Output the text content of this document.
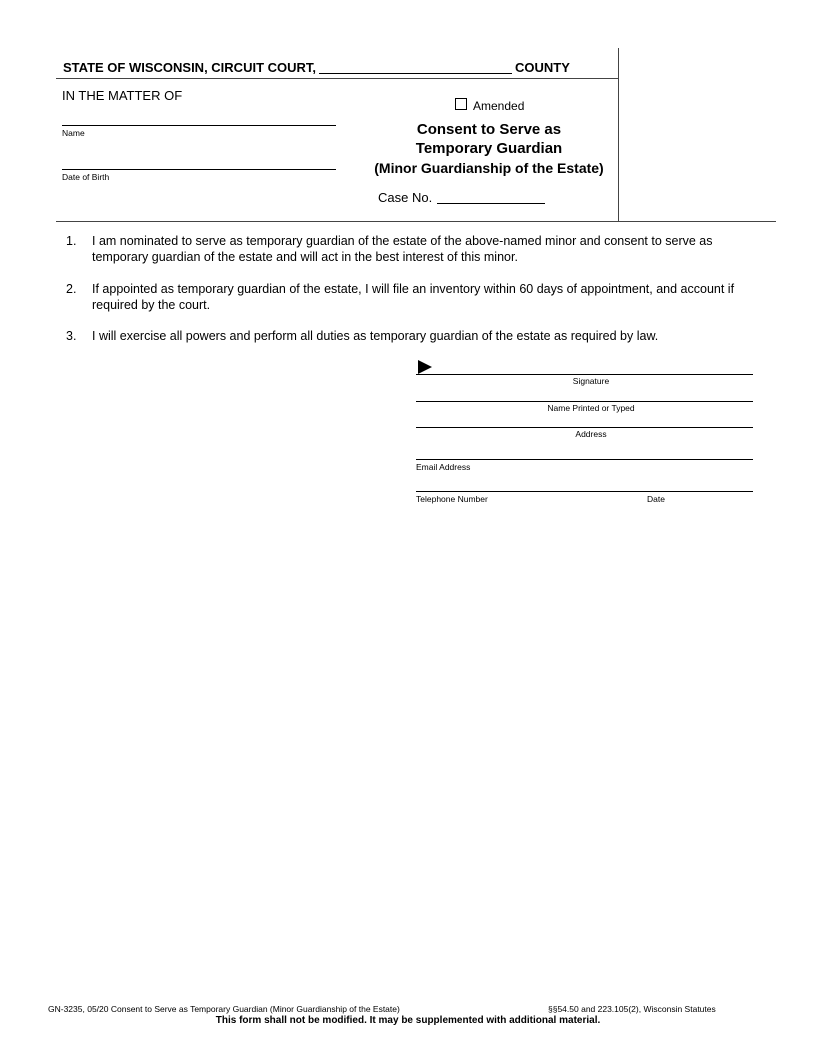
STATE OF WISCONSIN, CIRCUIT COURT,	COUNTY
IN THE MATTER OF
Name
Date of Birth
Amended
Consent to Serve as
Temporary Guardian
(Minor Guardianship of the Estate)
Case No.
1. I am nominated to serve as temporary guardian of the estate of the above-named minor and consent to serve as temporary guardian of the estate and will act in the best interest of this minor.
2. If appointed as temporary guardian of the estate, I will file an inventory within 60 days of appointment, and account if required by the court.
3. I will exercise all powers and perform all duties as temporary guardian of the estate as required by law.
Signature
Name Printed or Typed
Address
Email Address
Telephone Number	Date
GN-3235, 05/20 Consent to Serve as Temporary Guardian (Minor Guardianship of the Estate)	§§54.50 and 223.105(2), Wisconsin Statutes
This form shall not be modified. It may be supplemented with additional material.
